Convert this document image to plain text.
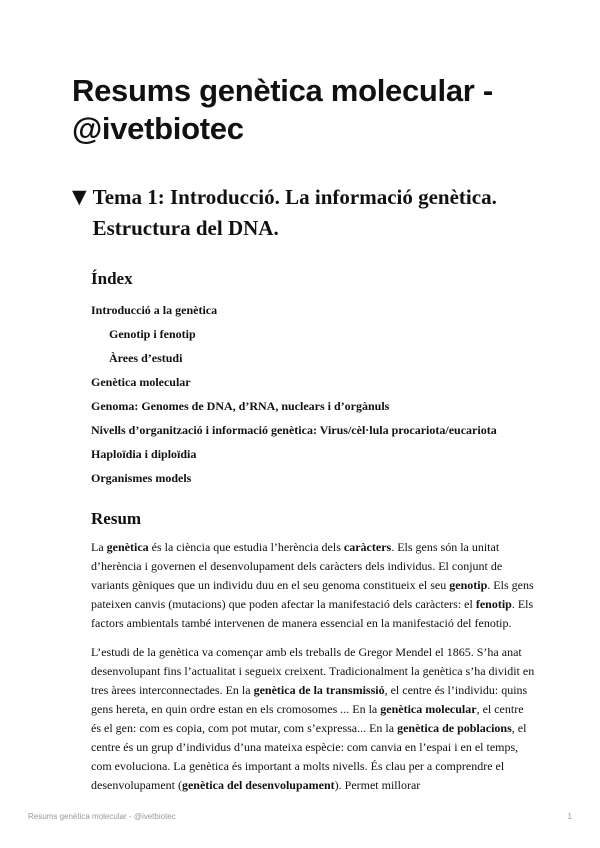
Resums genètica molecular - @ivetbiotec
▼ Tema 1: Introducció. La informació genètica. Estructura del DNA.
Índex
Introducció a la genètica
Genotip i fenotip
Àrees d’estudi
Genètica molecular
Genoma: Genomes de DNA, d’RNA, nuclears i d’orgànuls
Nivells d’organització i informació genètica: Virus/cèl·lula procariota/eucariota
Haploïdia i diploïdia
Organismes models
Resum

La genètica és la ciència que estudia l’herència dels caràcters. Els gens són la unitat d’herència i governen el desenvolupament dels caràcters dels individus. El conjunt de variants gèniques que un individu duu en el seu genoma constitueix el seu genotip. Els gens pateixen canvis (mutacions) que poden afectar la manifestació dels caràcters: el fenotip. Els factors ambientals també intervenen de manera essencial en la manifestació del fenotip.

L’estudi de la genètica va començar amb els treballs de Gregor Mendel el 1865. S’ha anat desenvolupant fins l’actualitat i segueix creixent. Tradicionalment la genètica s’ha dividit en tres àrees interconnectades. En la genètica de la transmissió, el centre és l’individu: quins gens hereta, en quin ordre estan en els cromosomes ... En la genètica molecular, el centre és el gen: com es copia, com pot mutar, com s’expressa... En la genètica de poblacions, el centre és un grup d’individus d’una mateixa espècie: com canvia en l’espai i en el temps, com evoluciona. La genètica és important a molts nivells. És clau per a comprendre el desenvolupament (genètica del desenvolupament). Permet millorar

Resums genètica molecular - @ivetbiotec	1
